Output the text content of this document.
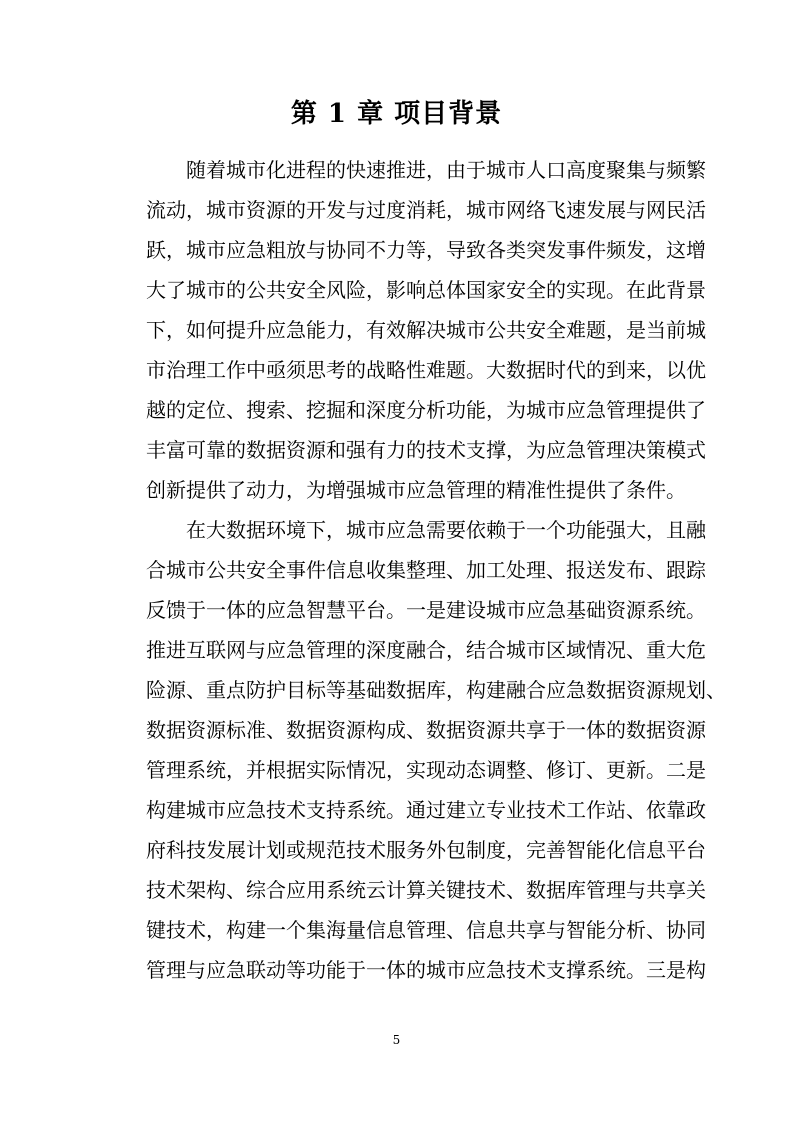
第 1 章 项目背景
随着城市化进程的快速推进，由于城市人口高度聚集与频繁
流动，城市资源的开发与过度消耗，城市网络飞速发展与网民活
跃，城市应急粗放与协同不力等，导致各类突发事件频发，这增
大了城市的公共安全风险，影响总体国家安全的实现。在此背景
下，如何提升应急能力，有效解决城市公共安全难题，是当前城
市治理工作中亟须思考的战略性难题。大数据时代的到来，以优
越的定位、搜索、挖掘和深度分析功能，为城市应急管理提供了
丰富可靠的数据资源和强有力的技术支撑，为应急管理决策模式
创新提供了动力，为增强城市应急管理的精准性提供了条件。
在大数据环境下，城市应急需要依赖于一个功能强大，且融
合城市公共安全事件信息收集整理、加工处理、报送发布、跟踪
反馈于一体的应急智慧平台。一是建设城市应急基础资源系统。
推进互联网与应急管理的深度融合，结合城市区域情况、重大危
险源、重点防护目标等基础数据库，构建融合应急数据资源规划、
数据资源标准、数据资源构成、数据资源共享于一体的数据资源
管理系统，并根据实际情况，实现动态调整、修订、更新。二是
构建城市应急技术支持系统。通过建立专业技术工作站、依靠政
府科技发展计划或规范技术服务外包制度，完善智能化信息平台
技术架构、综合应用系统云计算关键技术、数据库管理与共享关
键技术，构建一个集海量信息管理、信息共享与智能分析、协同
管理与应急联动等功能于一体的城市应急技术支撑系统。三是构
5
